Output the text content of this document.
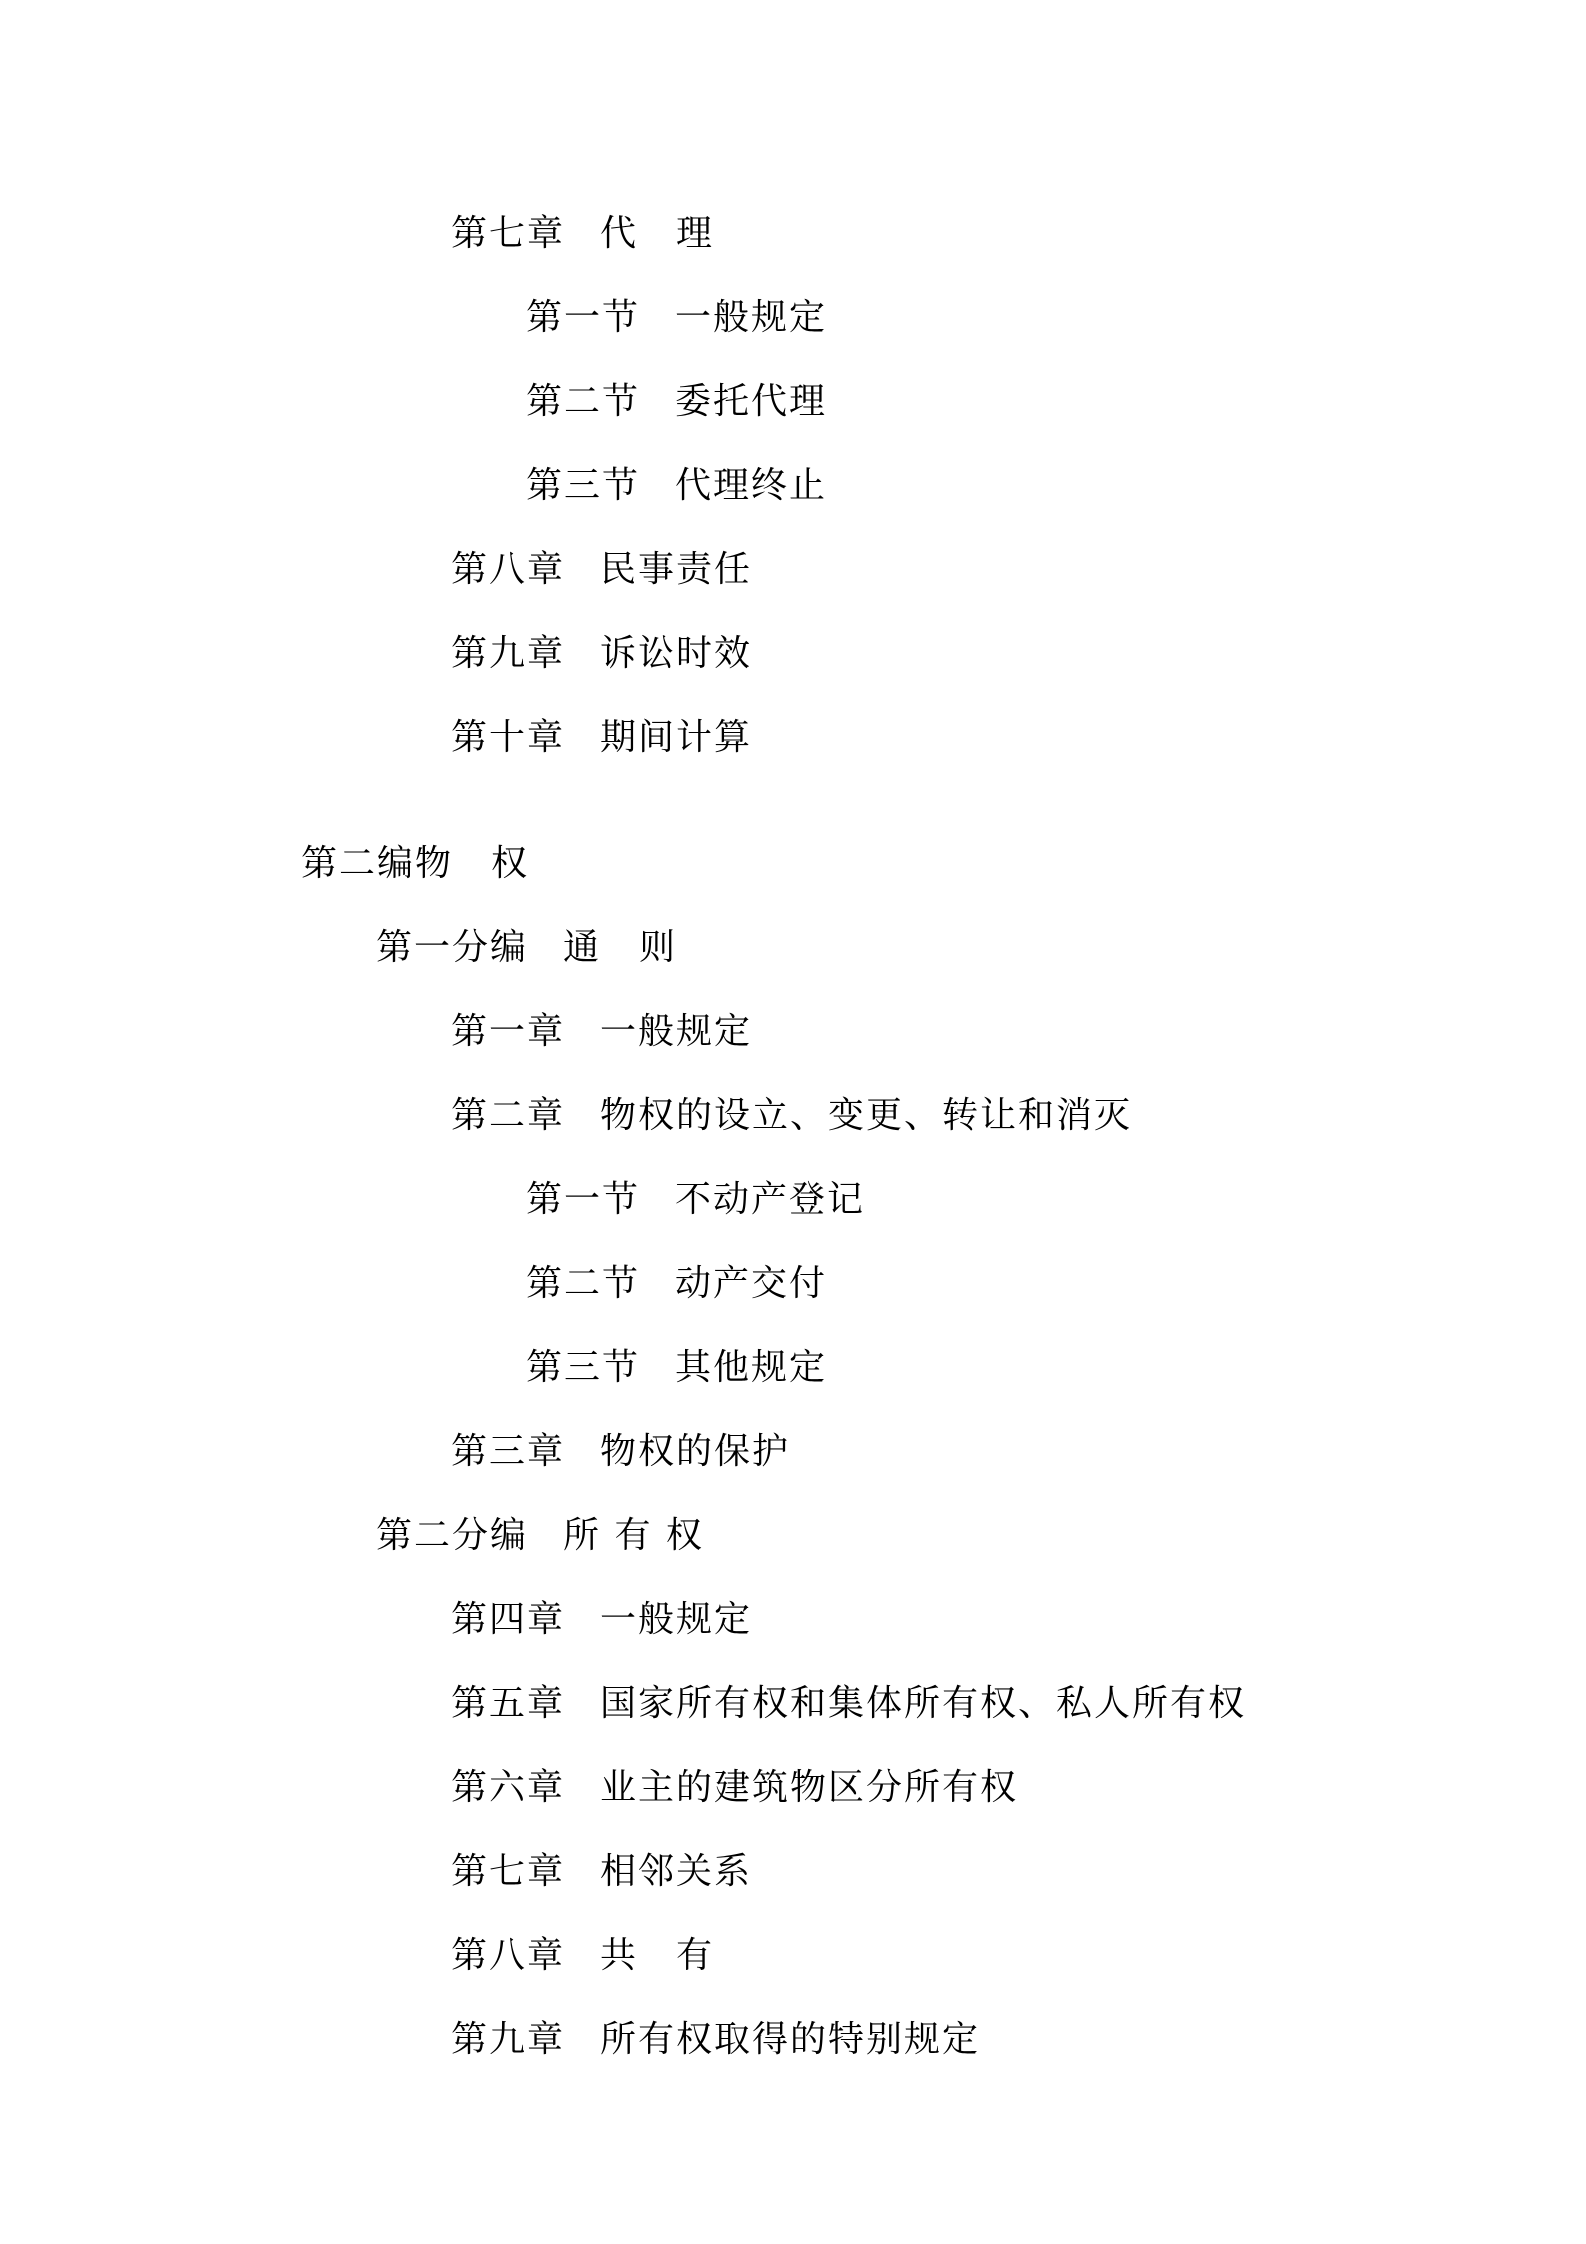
第七章 代　理
第一节 一般规定
第二节 委托代理
第三节 代理终止
第八章 民事责任
第九章 诉讼时效
第十章 期间计算
第二编 物　权
第一分编 通　则
第一章 一般规定
第二章 物权的设立、变更、转让和消灭
第一节 不动产登记
第二节 动产交付
第三节 其他规定
第三章 物权的保护
第二分编 所 有 权
第四章 一般规定
第五章 国家所有权和集体所有权、私人所有权
第六章 业主的建筑物区分所有权
第七章 相邻关系
第八章 共　有
第九章 所有权取得的特别规定
